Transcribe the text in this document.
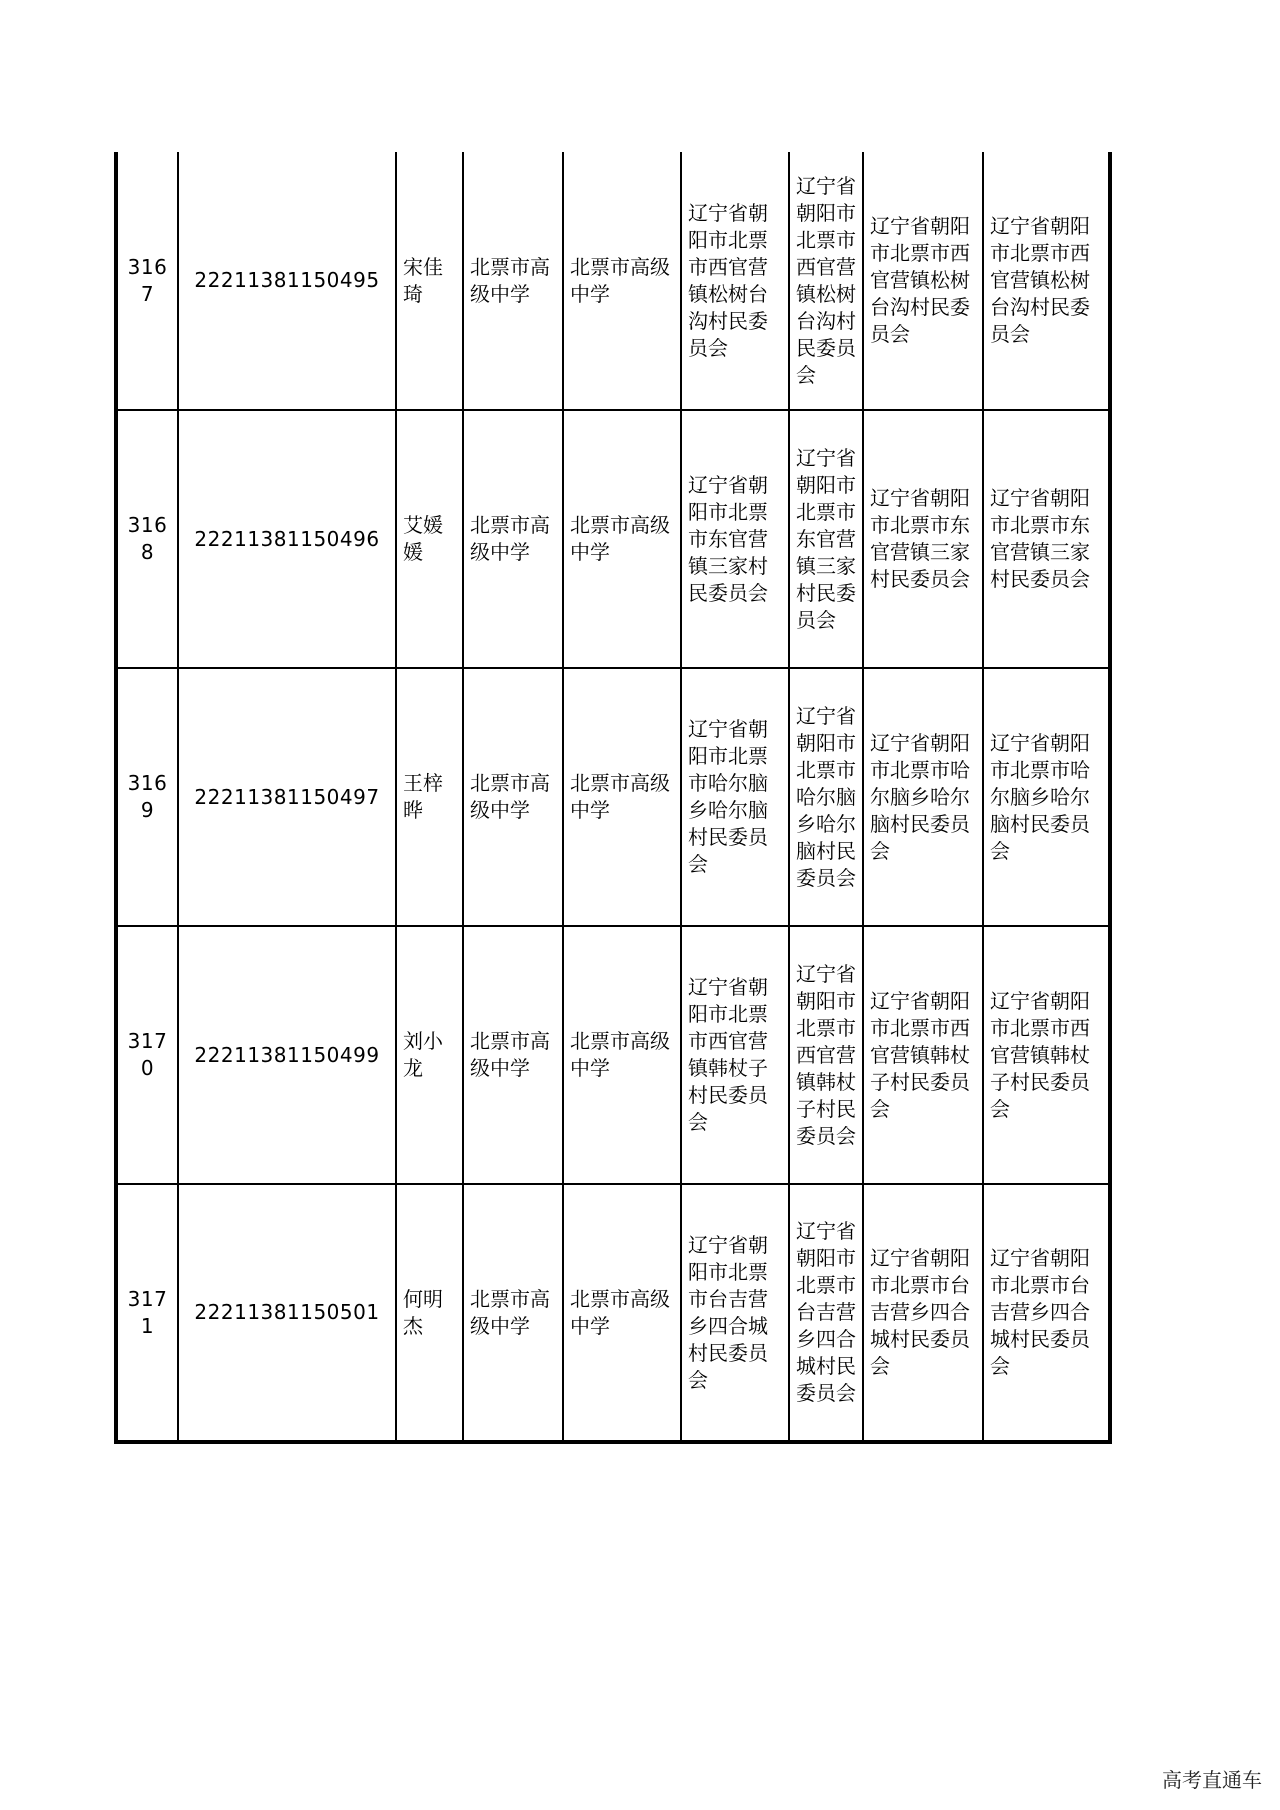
3167	22211381150495	宋佳琦	北票市高级中学	北票市高级中学	辽宁省朝阳市北票市西官营镇松树台沟村民委员会	辽宁省朝阳市北票市西官营镇松树台沟村民委员会	辽宁省朝阳市北票市西官营镇松树台沟村民委员会	辽宁省朝阳市北票市西官营镇松树台沟村民委员会
3168	22211381150496	艾媛媛	北票市高级中学	北票市高级中学	辽宁省朝阳市北票市东官营镇三家村民委员会	辽宁省朝阳市北票市东官营镇三家村民委员会	辽宁省朝阳市北票市东官营镇三家村民委员会	辽宁省朝阳市北票市东官营镇三家村民委员会
3169	22211381150497	王梓晔	北票市高级中学	北票市高级中学	辽宁省朝阳市北票市哈尔脑乡哈尔脑村民委员会	辽宁省朝阳市北票市哈尔脑乡哈尔脑村民委员会	辽宁省朝阳市北票市哈尔脑乡哈尔脑村民委员会	辽宁省朝阳市北票市哈尔脑乡哈尔脑村民委员会
3170	22211381150499	刘小龙	北票市高级中学	北票市高级中学	辽宁省朝阳市北票市西官营镇韩杖子村民委员会	辽宁省朝阳市北票市西官营镇韩杖子村民委员会	辽宁省朝阳市北票市西官营镇韩杖子村民委员会	辽宁省朝阳市北票市西官营镇韩杖子村民委员会
3171	22211381150501	何明杰	北票市高级中学	北票市高级中学	辽宁省朝阳市北票市台吉营乡四合城村民委员会	辽宁省朝阳市北票市台吉营乡四合城村民委员会	辽宁省朝阳市北票市台吉营乡四合城村民委员会	辽宁省朝阳市北票市台吉营乡四合城村民委员会
高考直通车
